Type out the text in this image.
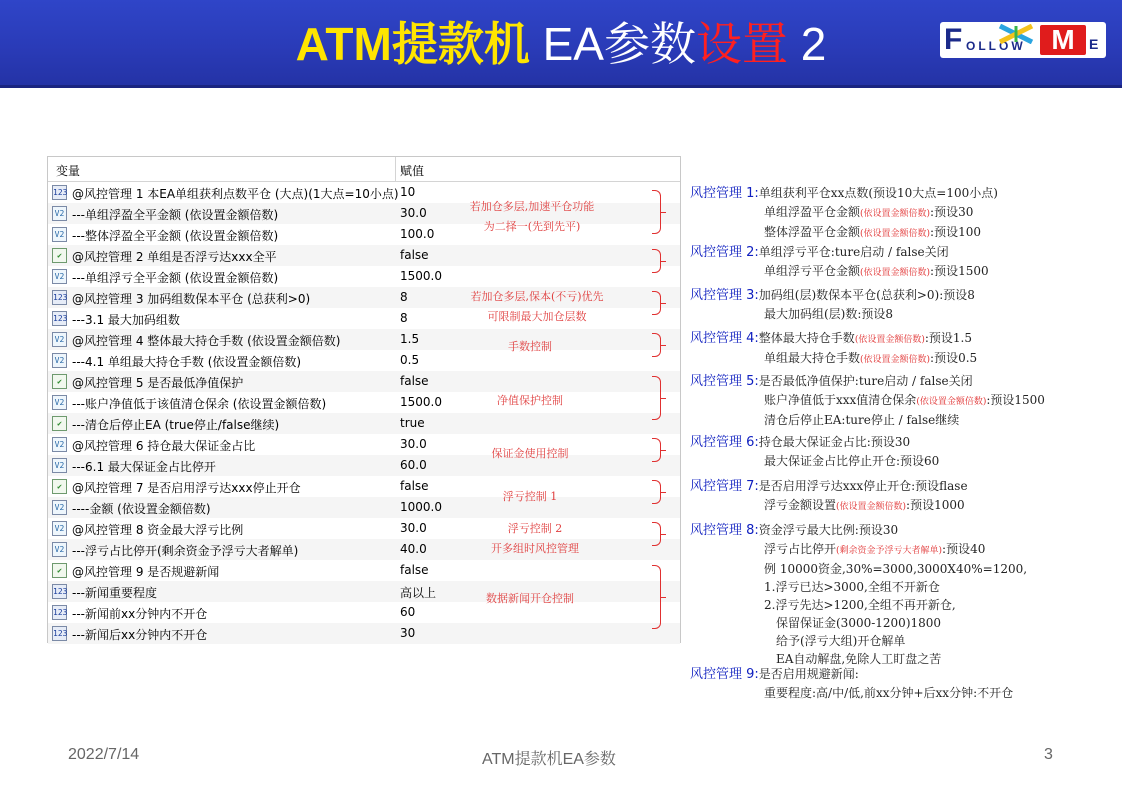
ATM提款机 EA参数设置 2	F OLLOW M	E
变量	赋值
123 @风控管理 1 本EA单组获利点数平仓 (大点)(1大点=10小点) 10
V2 ---单组浮盈全平金额 (依设置金额倍数)	30.0
V2 ---整体浮盈全平金额 (依设置金额倍数)	100.0
✔ @风控管理 2 单组是否浮亏达xxx全平	false
V2 ---单组浮亏全平金额 (依设置金额倍数)	1500.0
123 @风控管理 3 加码组数保本平仓 (总获利>0)	8
123 ---3.1 最大加码组数	8
V2 @风控管理 4 整体最大持仓手数 (依设置金额倍数)	1.5
V2 ---4.1 单组最大持仓手数 (依设置金额倍数)	0.5
✔ @风控管理 5 是否最低净值保护	false
V2 ---账户净值低于该值清仓保余 (依设置金额倍数)	1500.0
✔ ---清仓后停止EA (true停止/false继续)	true
V2 @风控管理 6 持仓最大保证金占比	30.0
V2 ---6.1 最大保证金占比停开	60.0
✔ @风控管理 7 是否启用浮亏达xxx停止开仓	false
V2 ----金额 (依设置金额倍数)	1000.0
V2 @风控管理 8 资金最大浮亏比例	30.0
V2 ---浮亏占比停开(剩余资金予浮亏大者解单)	40.0
✔ @风控管理 9 是否规避新闻	false
123 ---新闻重要程度	高以上
123 ---新闻前xx分钟内不开仓	60
123 ---新闻后xx分钟内不开仓	30
若加仓多层,加速平仓功能
为二择一(先到先平)
若加仓多层,保本(不亏)优先
可限制最大加仓层数
手数控制
净值保护控制
保证金使用控制
浮亏控制 1
浮亏控制 2
开多组时风控管理
数据新闻开仓控制
风控管理 1:单组获利平仓xx点数(预设10大点=100小点)
单组浮盈平仓金额(依设置金额倍数):预设30
整体浮盈平仓金额(依设置金额倍数):预设100
风控管理 2:单组浮亏平仓:ture启动 / false关闭
单组浮亏平仓金额(依设置金额倍数):预设1500
风控管理 3:加码组(层)数保本平仓(总获利>0):预设8
最大加码组(层)数:预设8
风控管理 4:整体最大持仓手数(依设置金额倍数):预设1.5
单组最大持仓手数(依设置金额倍数):预设0.5
风控管理 5:是否最低净值保护:ture启动 / false关闭
账户净值低于xxx值清仓保余(依设置金额倍数):预设1500
清仓后停止EA:ture停止 / false继续
风控管理 6:持仓最大保证金占比:预设30
最大保证金占比停止开仓:预设60
风控管理 7:是否启用浮亏达xxx停止开仓:预设flase
浮亏金额设置(依设置金额倍数):预设1000
风控管理 8:资金浮亏最大比例:预设30
浮亏占比停开(剩余资金予浮亏大者解单):预设40
例 10000资金,30%=3000,3000X40%=1200,
1.浮亏已达>3000,全组不开新仓
2.浮亏先达>1200,全组不再开新仓,
保留保证金(3000-1200)1800
给予(浮亏大组)开仓解单
EA自动解盘,免除人工盯盘之苦
风控管理 9:是否启用规避新闻:
重要程度:高/中/低,前xx分钟+后xx分钟:不开仓
2022/7/14	ATM提款机EA参数	3
